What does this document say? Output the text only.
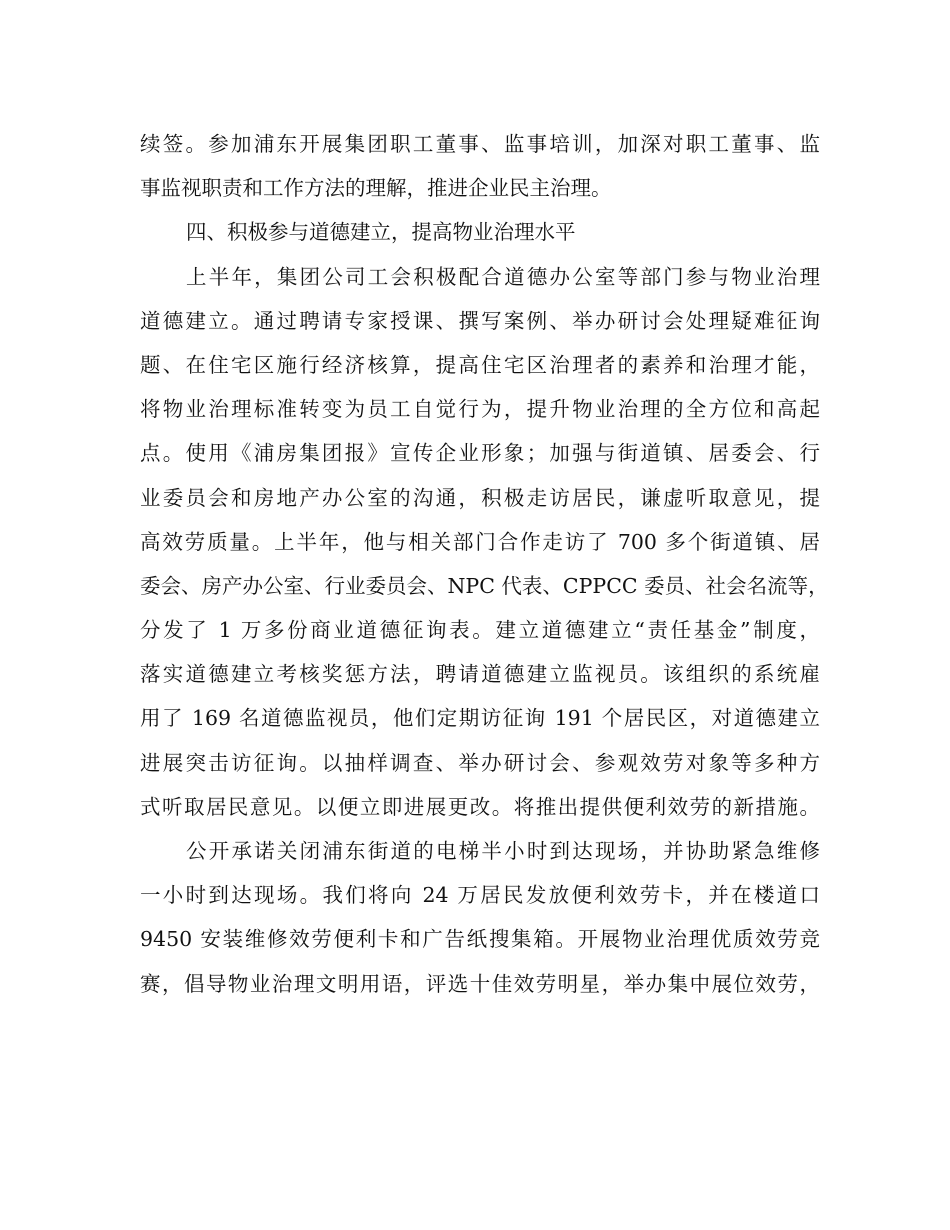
续签。参加浦东开展集团职工董事、监事培训，加深对职工董事、监
事监视职责和工作方法的理解，推进企业民主治理。
四、积极参与道德建立，提高物业治理水平
上半年，集团公司工会积极配合道德办公室等部门参与物业治理
道德建立。通过聘请专家授课、撰写案例、举办研讨会处理疑难征询
题、在住宅区施行经济核算，提高住宅区治理者的素养和治理才能，
将物业治理标准转变为员工自觉行为，提升物业治理的全方位和高起
点。使用《浦房集团报》宣传企业形象；加强与街道镇、居委会、行
业委员会和房地产办公室的沟通，积极走访居民，谦虚听取意见，提
高效劳质量。上半年，他与相关部门合作走访了 700 多个街道镇、居
委会、房产办公室、行业委员会、NPC 代表、CPPCC 委员、社会名流等，
分发了 1 万多份商业道德征询表。建立道德建立“责任基金”制度，
落实道德建立考核奖惩方法，聘请道德建立监视员。该组织的系统雇
用了 169 名道德监视员，他们定期访征询 191 个居民区，对道德建立
进展突击访征询。以抽样调查、举办研讨会、参观效劳对象等多种方
式听取居民意见。以便立即进展更改。将推出提供便利效劳的新措施。
公开承诺关闭浦东街道的电梯半小时到达现场，并协助紧急维修
一小时到达现场。我们将向 24 万居民发放便利效劳卡，并在楼道口
9450 安装维修效劳便利卡和广告纸搜集箱。开展物业治理优质效劳竞
赛，倡导物业治理文明用语，评选十佳效劳明星，举办集中展位效劳，
